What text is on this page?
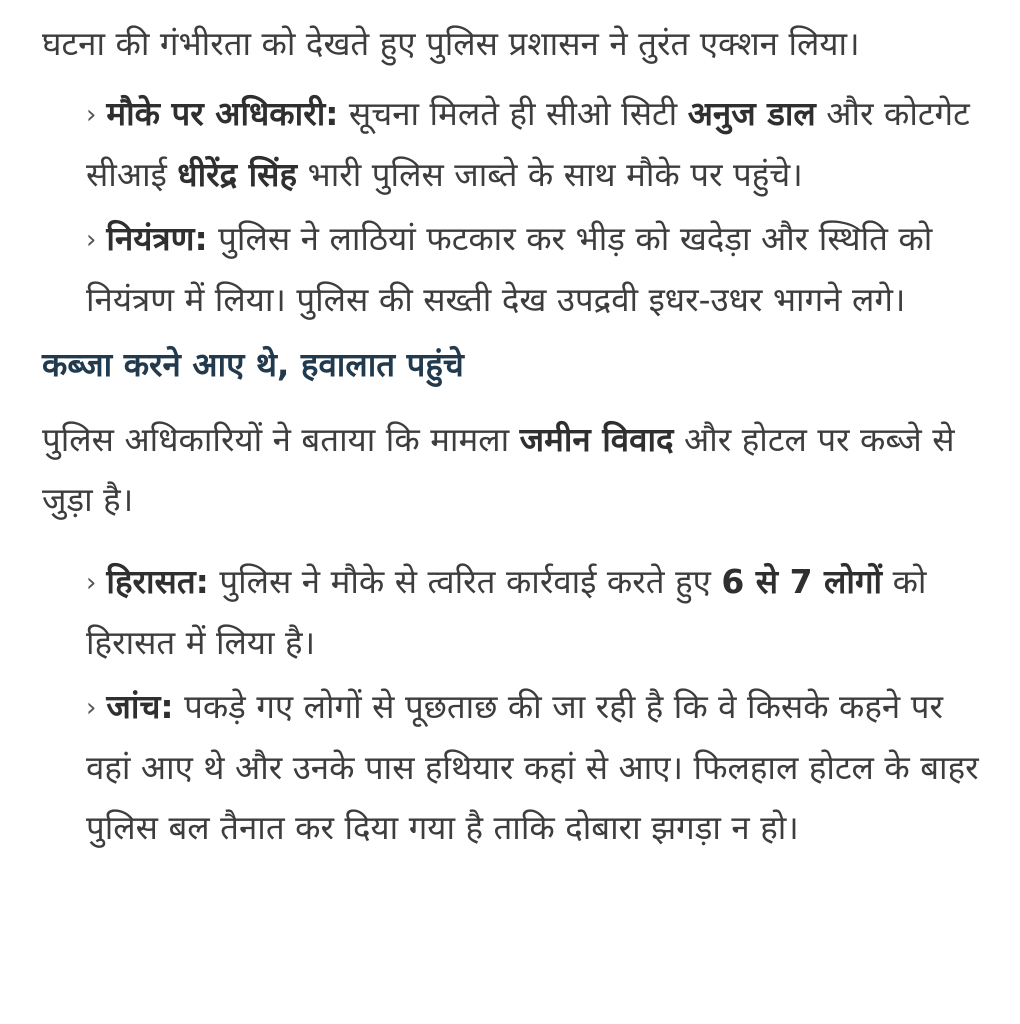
घटना की गंभीरता को देखते हुए पुलिस प्रशासन ने तुरंत एक्शन लिया।

› मौके पर अधिकारी: सूचना मिलते ही सीओ सिटी अनुज डाल और कोटगेट सीआई धीरेंद्र सिंह भारी पुलिस जाब्ते के साथ मौके पर पहुंचे।
› नियंत्रण: पुलिस ने लाठियां फटकार कर भीड़ को खदेड़ा और स्थिति को नियंत्रण में लिया। पुलिस की सख्ती देख उपद्रवी इधर-उधर भागने लगे।
कब्जा करने आए थे, हवालात पहुंचे

पुलिस अधिकारियों ने बताया कि मामला जमीन विवाद और होटल पर कब्जे से जुड़ा है।

› हिरासत: पुलिस ने मौके से त्वरित कार्रवाई करते हुए 6 से 7 लोगों को हिरासत में लिया है।
› जांच: पकड़े गए लोगों से पूछताछ की जा रही है कि वे किसके कहने पर वहां आए थे और उनके पास हथियार कहां से आए। फिलहाल होटल के बाहर पुलिस बल तैनात कर दिया गया है ताकि दोबारा झगड़ा न हो।
